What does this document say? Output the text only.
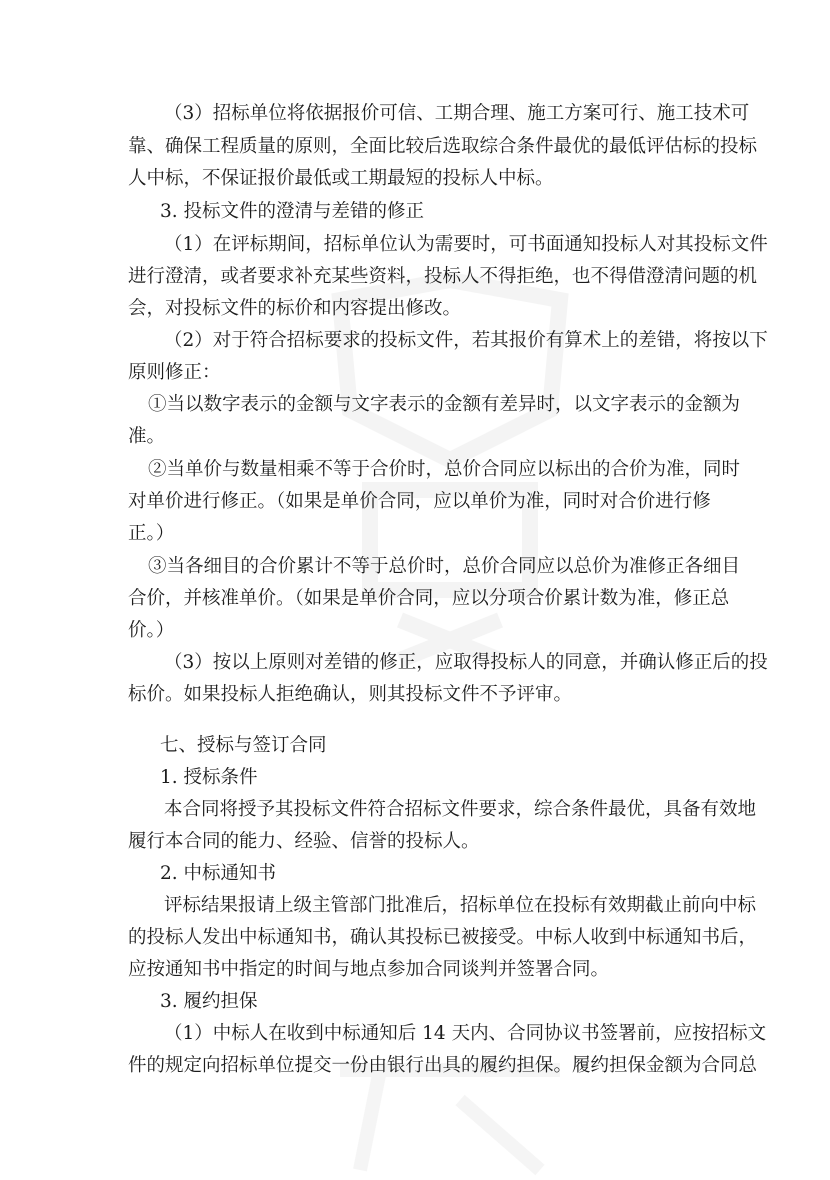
（3）招标单位将依据报价可信、工期合理、施工方案可行、施工技术可
靠、确保工程质量的原则，全面比较后选取综合条件最优的最低评估标的投标
人中标，不保证报价最低或工期最短的投标人中标。
3. 投标文件的澄清与差错的修正
（1）在评标期间，招标单位认为需要时，可书面通知投标人对其投标文件
进行澄清，或者要求补充某些资料，投标人不得拒绝，也不得借澄清问题的机
会，对投标文件的标价和内容提出修改。
（2）对于符合招标要求的投标文件，若其报价有算术上的差错，将按以下
原则修正：
①当以数字表示的金额与文字表示的金额有差异时，以文字表示的金额为
准。
②当单价与数量相乘不等于合价时，总价合同应以标出的合价为准，同时
对单价进行修正。（如果是单价合同，应以单价为准，同时对合价进行修
正。）
③当各细目的合价累计不等于总价时，总价合同应以总价为准修正各细目
合价，并核准单价。（如果是单价合同，应以分项合价累计数为准，修正总
价。）
（3）按以上原则对差错的修正，应取得投标人的同意，并确认修正后的投
标价。如果投标人拒绝确认，则其投标文件不予评审。
七、授标与签订合同
1. 授标条件
本合同将授予其投标文件符合招标文件要求，综合条件最优，具备有效地
履行本合同的能力、经验、信誉的投标人。
2. 中标通知书
评标结果报请上级主管部门批准后，招标单位在投标有效期截止前向中标
的投标人发出中标通知书，确认其投标已被接受。中标人收到中标通知书后，
应按通知书中指定的时间与地点参加合同谈判并签署合同。
3. 履约担保
（1）中标人在收到中标通知后 14 天内、合同协议书签署前，应按招标文
件的规定向招标单位提交一份由银行出具的履约担保。履约担保金额为合同总
